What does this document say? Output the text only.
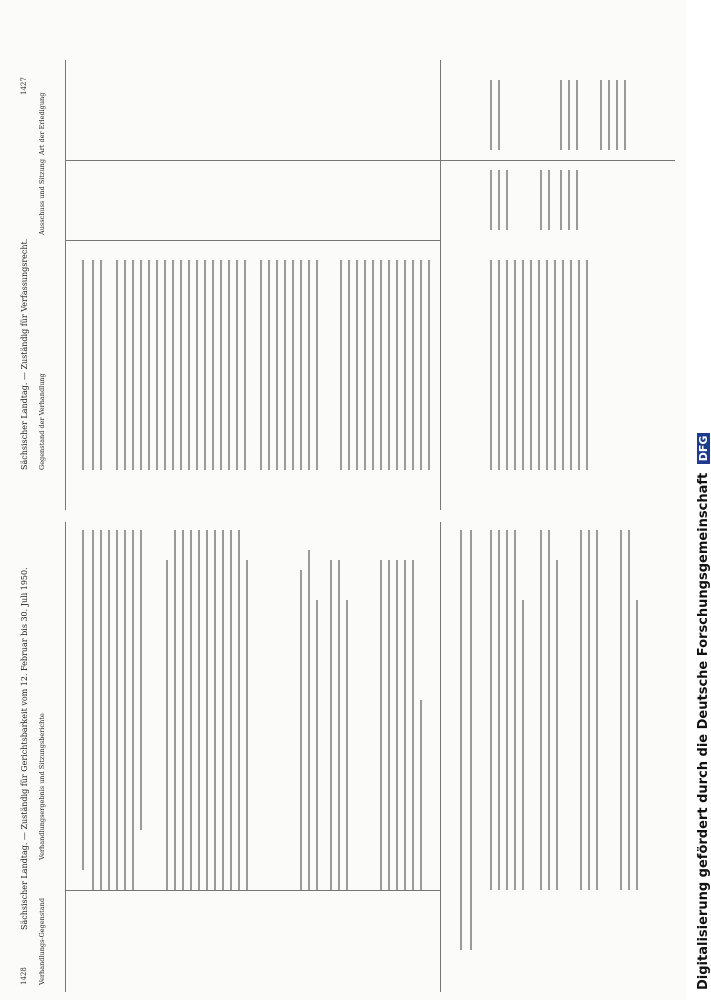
1428
Sächsischer Landtag. — Zuständig für Gerichtsbarkeit vom 12. Februar bis 30. Juli 1950.
Verhandlungs-Gegenstand
Verhandlungsergebnis und Sitzungsberichte
1427
Sächsischer Landtag. — Zuständig für Verfassungsrecht. Gegenstand der Verhandlung
Ausschuss und Sitzung
Art der Erledigung
Digitalisierung gefördert durch die Deutsche Forschungsgemeinschaft DFG
